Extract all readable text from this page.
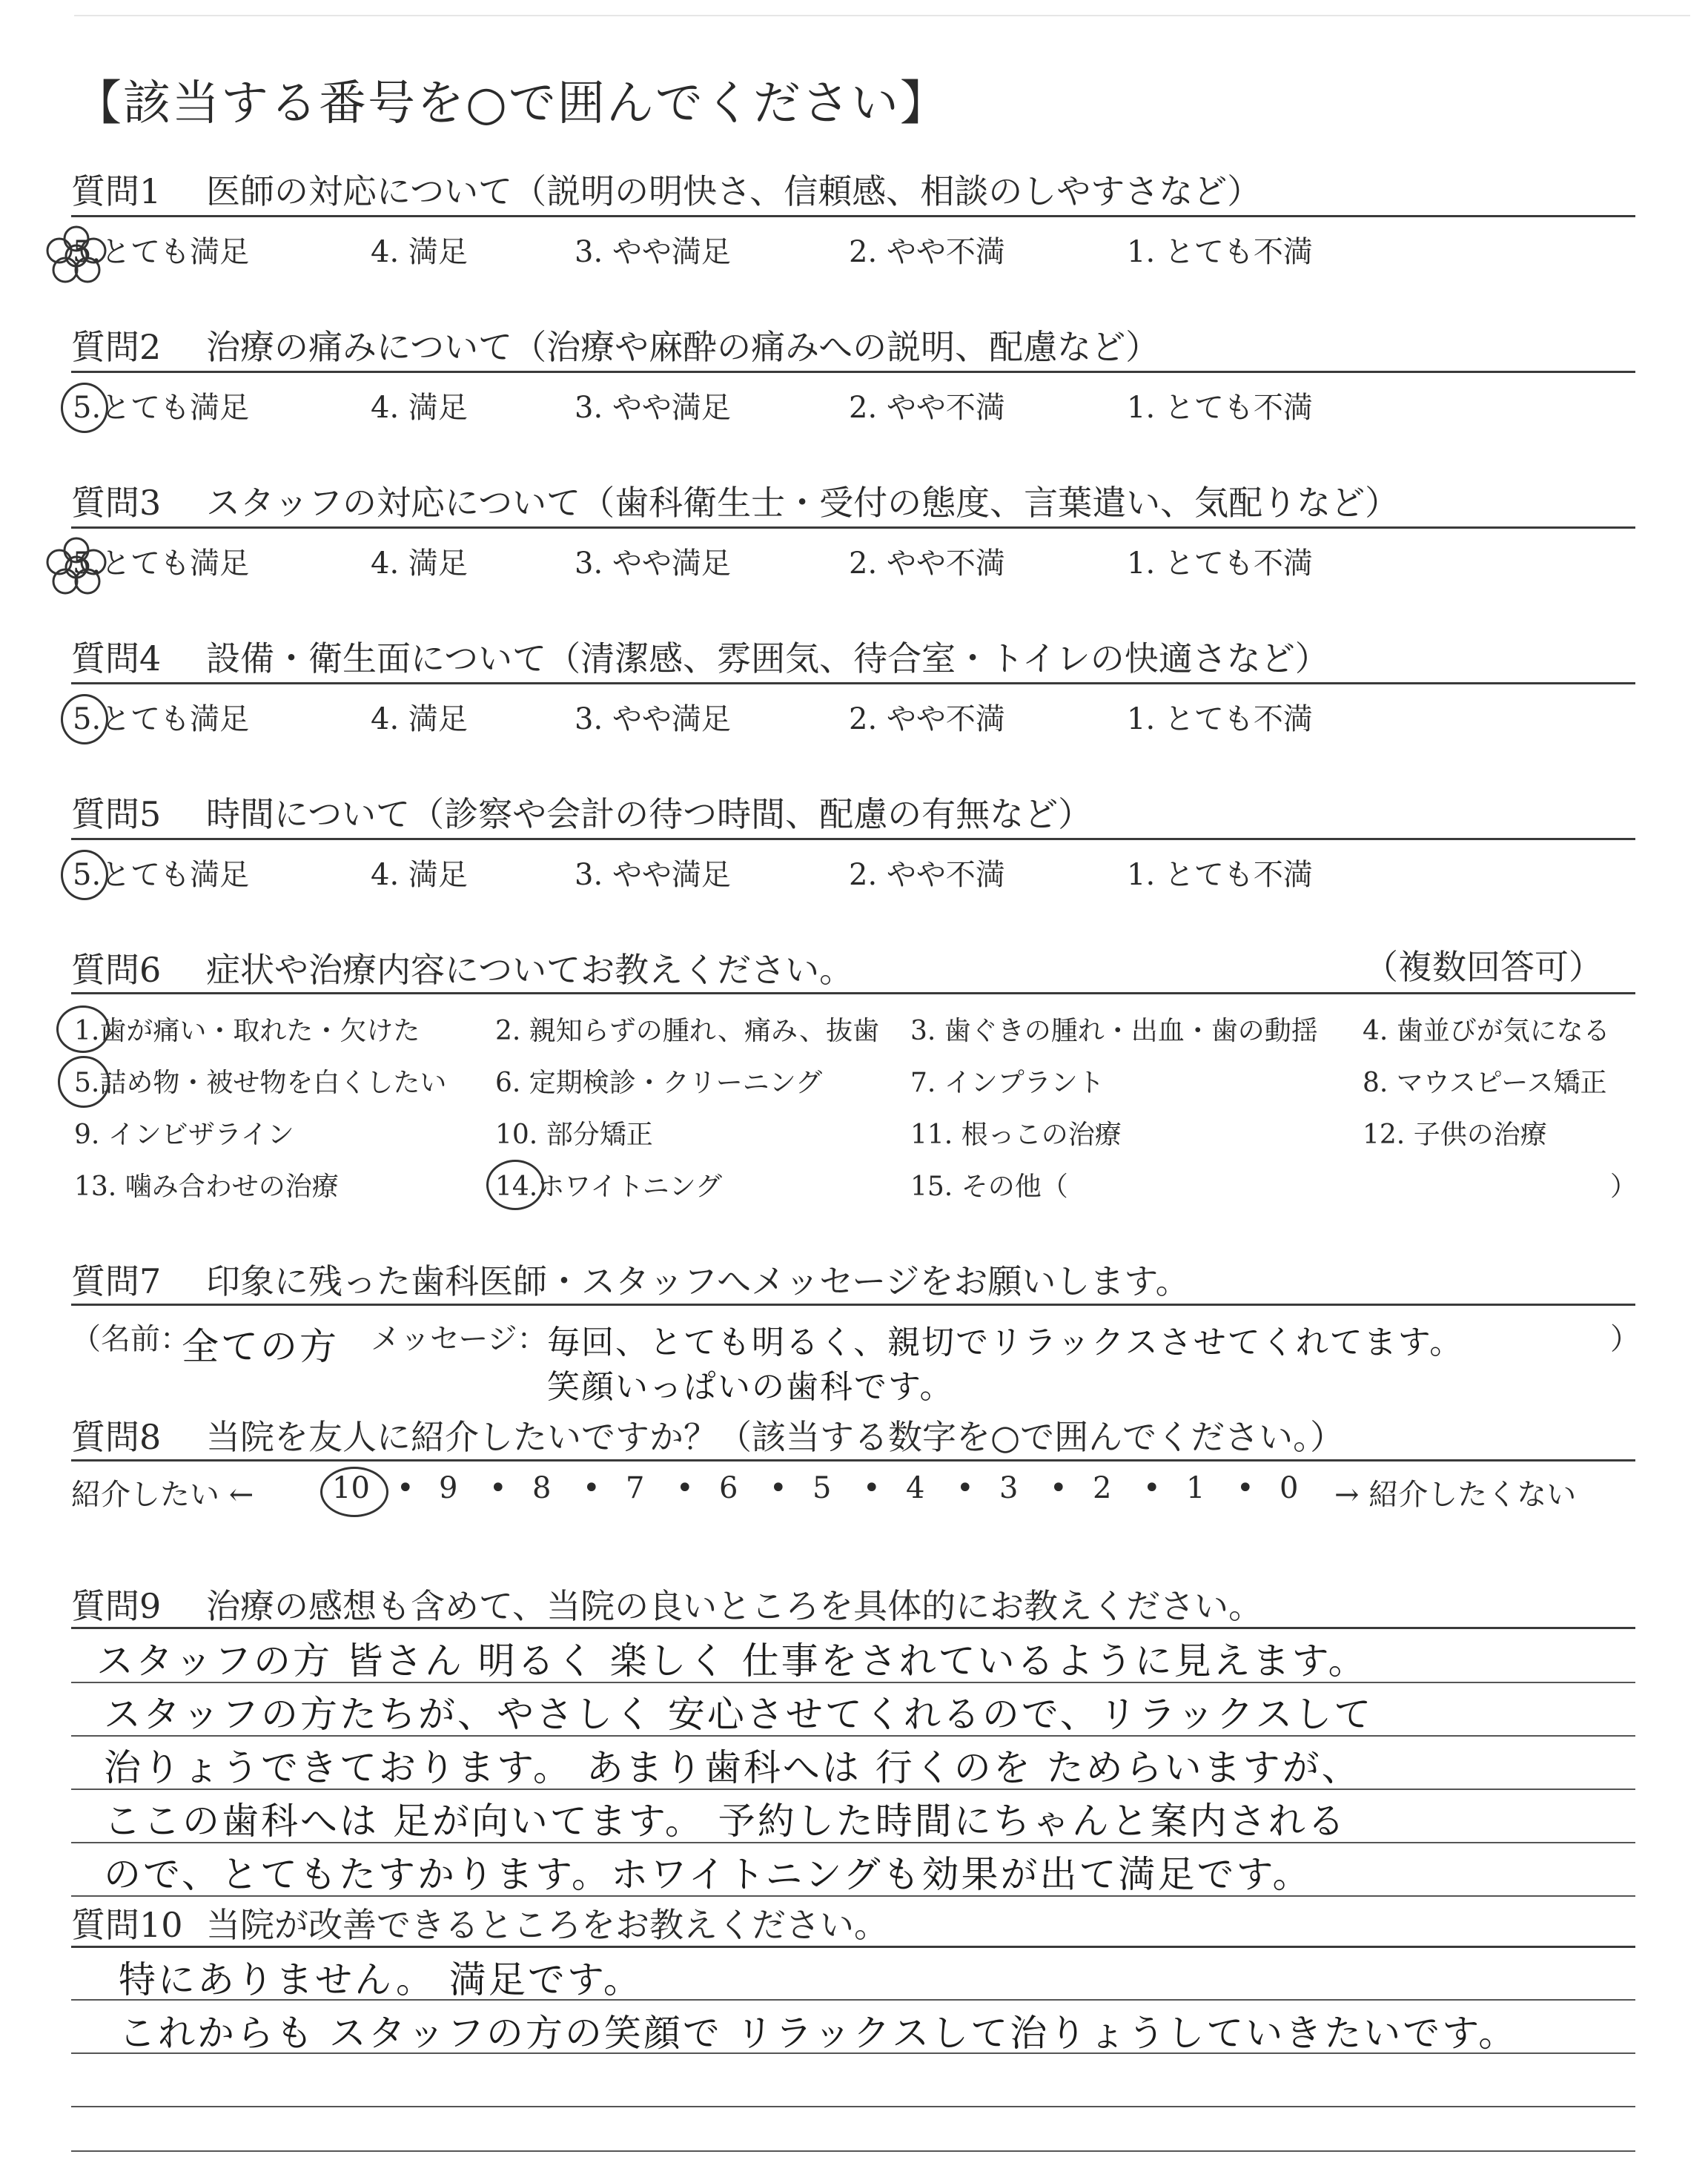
【該当する番号を○で囲んでください】
質問1 医師の対応について（説明の明快さ、信頼感、相談のしやすさなど）
5.とても満足	4. 満足	3. やや満足	2. やや不満	1. とても不満
質問2 治療の痛みについて（治療や麻酔の痛みへの説明、配慮など）
5.とても満足	4. 満足	3. やや満足	2. やや不満	1. とても不満
質問3 スタッフの対応について（歯科衛生士・受付の態度、言葉遣い、気配りなど）
5.とても満足	4. 満足	3. やや満足	2. やや不満	1. とても不満
質問4 設備・衛生面について（清潔感、雰囲気、待合室・トイレの快適さなど）
5.とても満足	4. 満足	3. やや満足	2. やや不満	1. とても不満
質問5 時間について（診察や会計の待つ時間、配慮の有無など）
5.とても満足	4. 満足	3. やや満足	2. やや不満	1. とても不満
質問6 症状や治療内容についてお教えください。	（複数回答可）
1.歯が痛い・取れた・欠けた	2. 親知らずの腫れ、痛み、抜歯 3. 歯ぐきの腫れ・出血・歯の動揺 4. 歯並びが気になる
5.詰め物・被せ物を白くしたい 6. 定期検診・クリーニング	7. インプラント	8. マウスピース矯正
9. インビザライン	10. 部分矯正	11. 根っこの治療	12. 子供の治療
13. 噛み合わせの治療	14.ホワイトニング	15. その他（	）
質問7 印象に残った歯科医師・スタッフへメッセージをお願いします。
（名前：
全ての方 メッセージ： 毎回、とても明るく、親切でリラックスさせてくれてます。	）
笑顔いっぱいの歯科です。
質問8 当院を友人に紹介したいですか？（該当する数字を○で囲んでください。）
紹介したい ←	10 • 9 • 8 • 7 • 6 • 5 • 4 • 3 • 2 • 1 • 0 → 紹介したくない
質問9 治療の感想も含めて、当院の良いところを具体的にお教えください。
スタッフの方 皆さん 明るく 楽しく 仕事をされているように見えます。
スタッフの方たちが、やさしく 安心させてくれるので、リラックスして
治りょうできております。 あまり歯科へは 行くのを ためらいますが、
ここの歯科へは 足が向いてます。 予約した時間にちゃんと案内される
ので、とてもたすかります。ホワイトニングも効果が出て満足です。
質問10 当院が改善できるところをお教えください。
特にありません。 満足です。
これからも スタッフの方の笑顔で リラックスして治りょうしていきたいです。
